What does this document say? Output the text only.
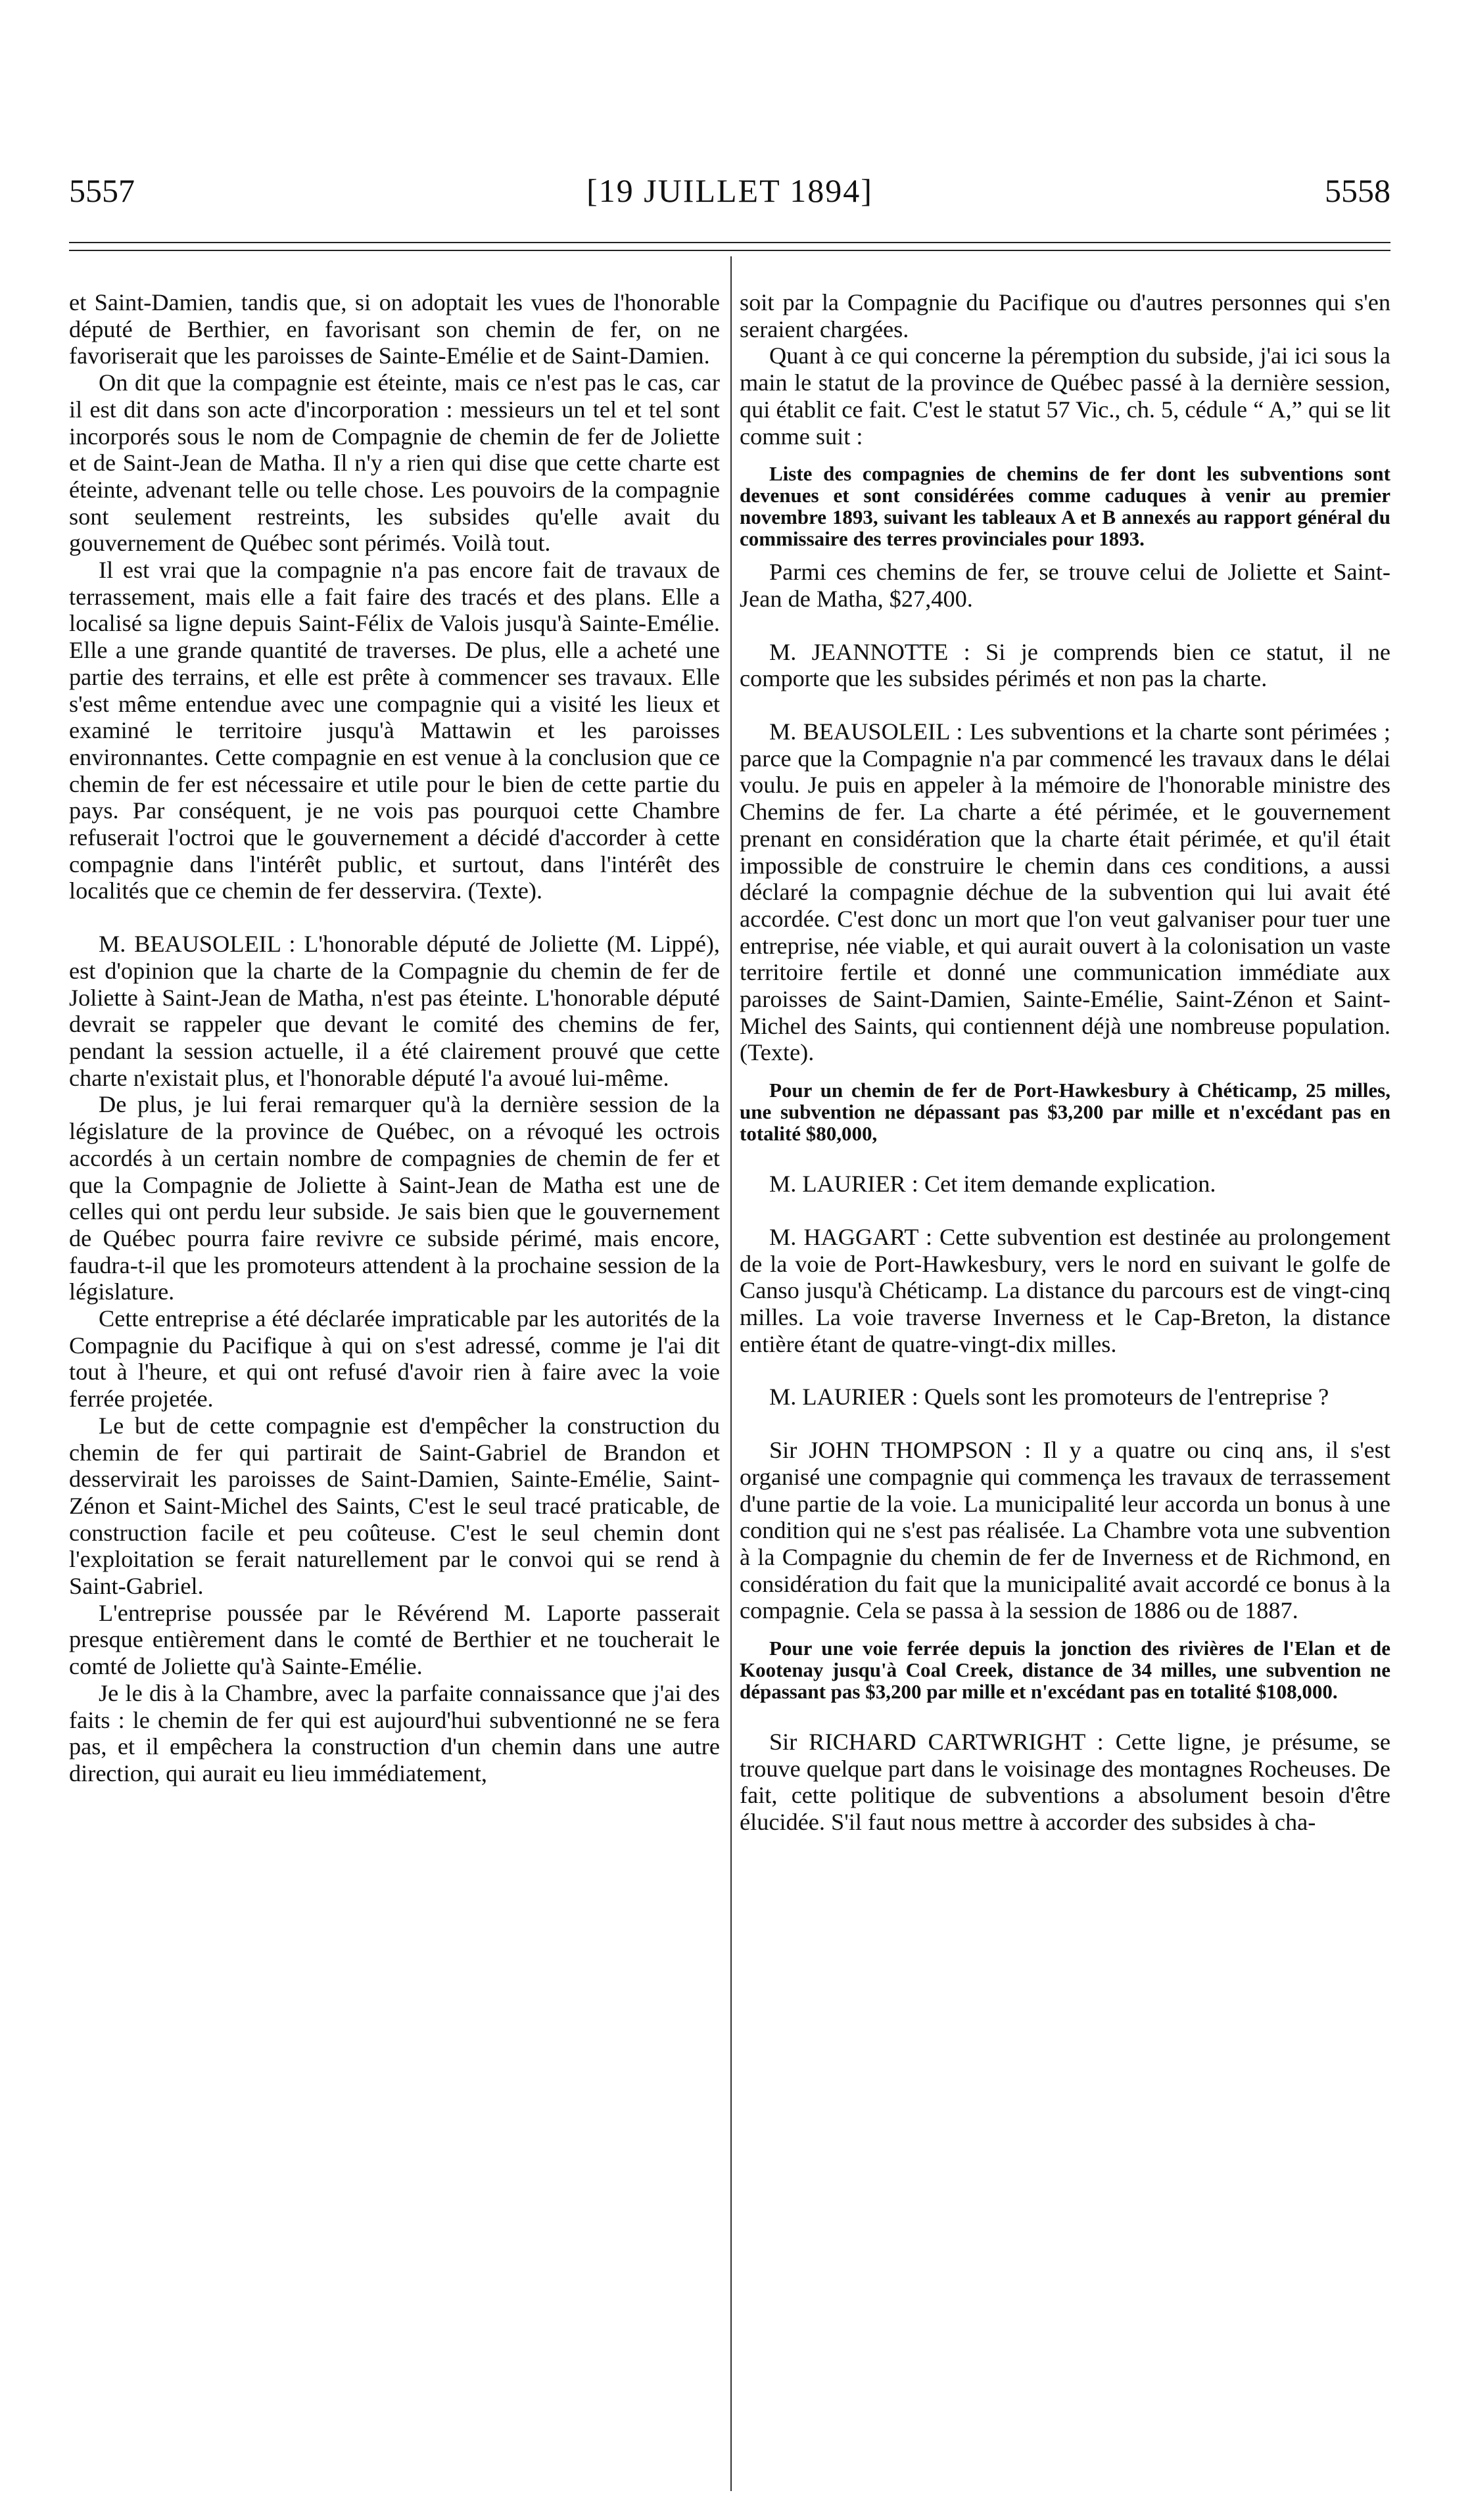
5557	[19 JUILLET 1894]	5558

et Saint-Damien, tandis que, si on adoptait les vues de l'honorable député de Berthier, en favorisant son chemin de fer, on ne favoriserait que les paroisses de Sainte-Emélie et de Saint-Damien.

On dit que la compagnie est éteinte, mais ce n'est pas le cas, car il est dit dans son acte d'incorporation : messieurs un tel et tel sont incorporés sous le nom de Compagnie de chemin de fer de Joliette et de Saint-Jean de Matha. Il n'y a rien qui dise que cette charte est éteinte, advenant telle ou telle chose. Les pouvoirs de la compagnie sont seulement restreints, les subsides qu'elle avait du gouvernement de Québec sont périmés. Voilà tout.

Il est vrai que la compagnie n'a pas encore fait de travaux de terrassement, mais elle a fait faire des tracés et des plans. Elle a localisé sa ligne depuis Saint-Félix de Valois jusqu'à Sainte-Emélie. Elle a une grande quantité de traverses. De plus, elle a acheté une partie des terrains, et elle est prête à commencer ses travaux. Elle s'est même entendue avec une compagnie qui a visité les lieux et examiné le territoire jusqu'à Mattawin et les paroisses environnantes. Cette compagnie en est venue à la conclusion que ce chemin de fer est nécessaire et utile pour le bien de cette partie du pays. Par conséquent, je ne vois pas pourquoi cette Chambre refuserait l'octroi que le gouvernement a décidé d'accorder à cette compagnie dans l'intérêt public, et surtout, dans l'intérêt des localités que ce chemin de fer desservira. (Texte).

M. BEAUSOLEIL : L'honorable député de Joliette (M. Lippé), est d'opinion que la charte de la Compagnie du chemin de fer de Joliette à Saint-Jean de Matha, n'est pas éteinte. L'honorable député devrait se rappeler que devant le comité des chemins de fer, pendant la session actuelle, il a été clairement prouvé que cette charte n'existait plus, et l'honorable député l'a avoué lui-même.

De plus, je lui ferai remarquer qu'à la dernière session de la législature de la province de Québec, on a révoqué les octrois accordés à un certain nombre de compagnies de chemin de fer et que la Compagnie de Joliette à Saint-Jean de Matha est une de celles qui ont perdu leur subside. Je sais bien que le gouvernement de Québec pourra faire revivre ce subside périmé, mais encore, faudra-t-il que les promoteurs attendent à la prochaine session de la législature.

Cette entreprise a été déclarée impraticable par les autorités de la Compagnie du Pacifique à qui on s'est adressé, comme je l'ai dit tout à l'heure, et qui ont refusé d'avoir rien à faire avec la voie ferrée projetée.

Le but de cette compagnie est d'empêcher la construction du chemin de fer qui partirait de Saint-Gabriel de Brandon et desservirait les paroisses de Saint-Damien, Sainte-Emélie, Saint-Zénon et Saint-Michel des Saints, C'est le seul tracé praticable, de construction facile et peu coûteuse. C'est le seul chemin dont l'exploitation se ferait naturellement par le convoi qui se rend à Saint-Gabriel.

L'entreprise poussée par le Révérend M. Laporte passerait presque entièrement dans le comté de Berthier et ne toucherait le comté de Joliette qu'à Sainte-Emélie.

Je le dis à la Chambre, avec la parfaite connaissance que j'ai des faits : le chemin de fer qui est aujourd'hui subventionné ne se fera pas, et il empêchera la construction d'un chemin dans une autre direction, qui aurait eu lieu immédiatement,

soit par la Compagnie du Pacifique ou d'autres personnes qui s'en seraient chargées.

Quant à ce qui concerne la péremption du subside, j'ai ici sous la main le statut de la province de Québec passé à la dernière session, qui établit ce fait. C'est le statut 57 Vic., ch. 5, cédule “ A,” qui se lit comme suit :

Liste des compagnies de chemins de fer dont les subventions sont devenues et sont considérées comme caduques à venir au premier novembre 1893, suivant les tableaux A et B annexés au rapport général du commissaire des terres provinciales pour 1893.

Parmi ces chemins de fer, se trouve celui de Joliette et Saint-Jean de Matha, $27,400.

M. JEANNOTTE : Si je comprends bien ce statut, il ne comporte que les subsides périmés et non pas la charte.

M. BEAUSOLEIL : Les subventions et la charte sont périmées ; parce que la Compagnie n'a par commencé les travaux dans le délai voulu. Je puis en appeler à la mémoire de l'honorable ministre des Chemins de fer. La charte a été périmée, et le gouvernement prenant en considération que la charte était périmée, et qu'il était impossible de construire le chemin dans ces conditions, a aussi déclaré la compagnie déchue de la subvention qui lui avait été accordée. C'est donc un mort que l'on veut galvaniser pour tuer une entreprise, née viable, et qui aurait ouvert à la colonisation un vaste territoire fertile et donné une communication immédiate aux paroisses de Saint-Damien, Sainte-Emélie, Saint-Zénon et Saint-Michel des Saints, qui contiennent déjà une nombreuse population. (Texte).

Pour un chemin de fer de Port-Hawkesbury à Chéticamp, 25 milles, une subvention ne dépassant pas $3,200 par mille et n'excédant pas en totalité $80,000,

M. LAURIER : Cet item demande explication.

M. HAGGART : Cette subvention est destinée au prolongement de la voie de Port-Hawkesbury, vers le nord en suivant le golfe de Canso jusqu'à Chéticamp. La distance du parcours est de vingt-cinq milles. La voie traverse Inverness et le Cap-Breton, la distance entière étant de quatre-vingt-dix milles.

M. LAURIER : Quels sont les promoteurs de l'entreprise ?

Sir JOHN THOMPSON : Il y a quatre ou cinq ans, il s'est organisé une compagnie qui commença les travaux de terrassement d'une partie de la voie. La municipalité leur accorda un bonus à une condition qui ne s'est pas réalisée. La Chambre vota une subvention à la Compagnie du chemin de fer de Inverness et de Richmond, en considération du fait que la municipalité avait accordé ce bonus à la compagnie. Cela se passa à la session de 1886 ou de 1887.

Pour une voie ferrée depuis la jonction des rivières de l'Elan et de Kootenay jusqu'à Coal Creek, distance de 34 milles, une subvention ne dépassant pas $3,200 par mille et n'excédant pas en totalité $108,000.

Sir RICHARD CARTWRIGHT : Cette ligne, je présume, se trouve quelque part dans le voisinage des montagnes Rocheuses. De fait, cette politique de subventions a absolument besoin d'être élucidée. S'il faut nous mettre à accorder des subsides à cha-
